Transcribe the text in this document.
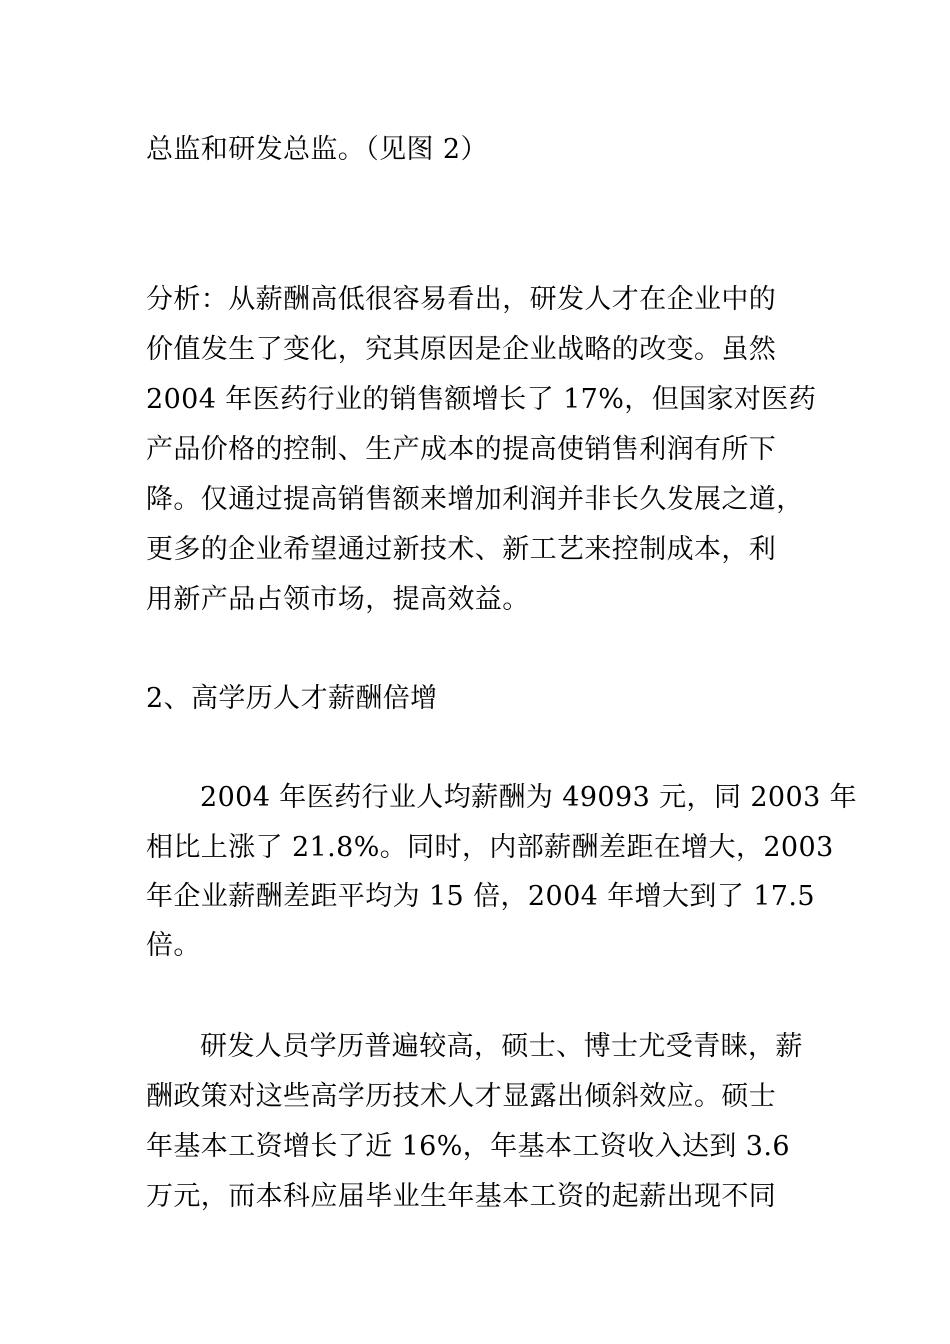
总监和研发总监。（见图 2）
分析：从薪酬高低很容易看出，研发人才在企业中的
价值发生了变化，究其原因是企业战略的改变。虽然
2004 年医药行业的销售额增长了 17%，但国家对医药
产品价格的控制、生产成本的提高使销售利润有所下
降。仅通过提高销售额来增加利润并非长久发展之道，
更多的企业希望通过新技术、新工艺来控制成本，利
用新产品占领市场，提高效益。
2、高学历人才薪酬倍增
2004 年医药行业人均薪酬为 49093 元，同 2003 年
相比上涨了 21.8%。同时，内部薪酬差距在增大，2003
年企业薪酬差距平均为 15 倍，2004 年增大到了 17.5
倍。
研发人员学历普遍较高，硕士、博士尤受青睐，薪
酬政策对这些高学历技术人才显露出倾斜效应。硕士
年基本工资增长了近 16%，年基本工资收入达到 3.6
万元，而本科应届毕业生年基本工资的起薪出现不同
